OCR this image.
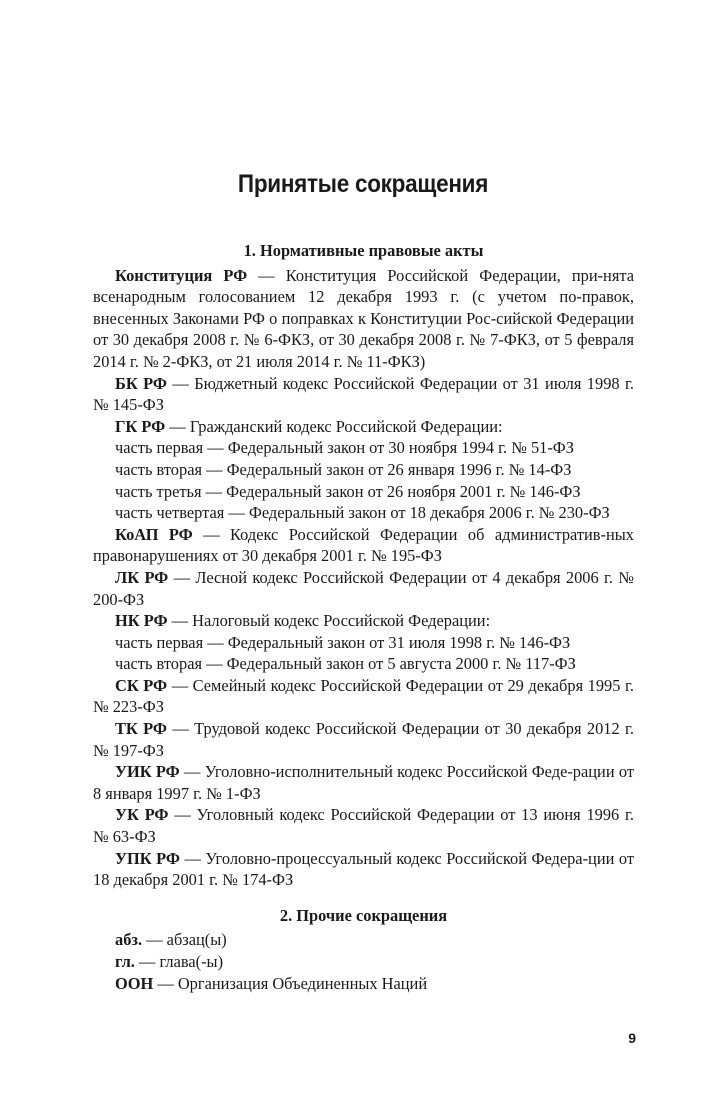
Принятые сокращения
1. Нормативные правовые акты

Конституция РФ — Конституция Российской Федерации, при-нята всенародным голосованием 12 декабря 1993 г. (с учетом по-правок, внесенных Законами РФ о поправках к Конституции Рос-сийской Федерации от 30 декабря 2008 г. № 6-ФКЗ, от 30 декабря 2008 г. № 7-ФКЗ, от 5 февраля 2014 г. № 2-ФКЗ, от 21 июля 2014 г. № 11-ФКЗ)

БК РФ — Бюджетный кодекс Российской Федерации от 31 июля 1998 г. № 145-ФЗ

ГК РФ — Гражданский кодекс Российской Федерации:

часть первая — Федеральный закон от 30 ноября 1994 г. № 51-ФЗ

часть вторая — Федеральный закон от 26 января 1996 г. № 14-ФЗ

часть третья — Федеральный закон от 26 ноября 2001 г. № 146-ФЗ

часть четвертая — Федеральный закон от 18 декабря 2006 г. № 230-ФЗ

КоАП РФ — Кодекс Российской Федерации об административ-ных правонарушениях от 30 декабря 2001 г. № 195-ФЗ

ЛК РФ — Лесной кодекс Российской Федерации от 4 декабря 2006 г. № 200-ФЗ

НК РФ — Налоговый кодекс Российской Федерации:

часть первая — Федеральный закон от 31 июля 1998 г. № 146-ФЗ

часть вторая — Федеральный закон от 5 августа 2000 г. № 117-ФЗ

СК РФ — Семейный кодекс Российской Федерации от 29 декабря 1995 г. № 223-ФЗ

ТК РФ — Трудовой кодекс Российской Федерации от 30 декабря 2012 г. № 197-ФЗ

УИК РФ — Уголовно-исполнительный кодекс Российской Феде-рации от 8 января 1997 г. № 1-ФЗ

УК РФ — Уголовный кодекс Российской Федерации от 13 июня 1996 г. № 63-ФЗ

УПК РФ — Уголовно-процессуальный кодекс Российской Федера-ции от 18 декабря 2001 г. № 174-ФЗ

2. Прочие сокращения

абз. — абзац(ы)

гл. — глава(-ы)

ООН — Организация Объединенных Наций

9
